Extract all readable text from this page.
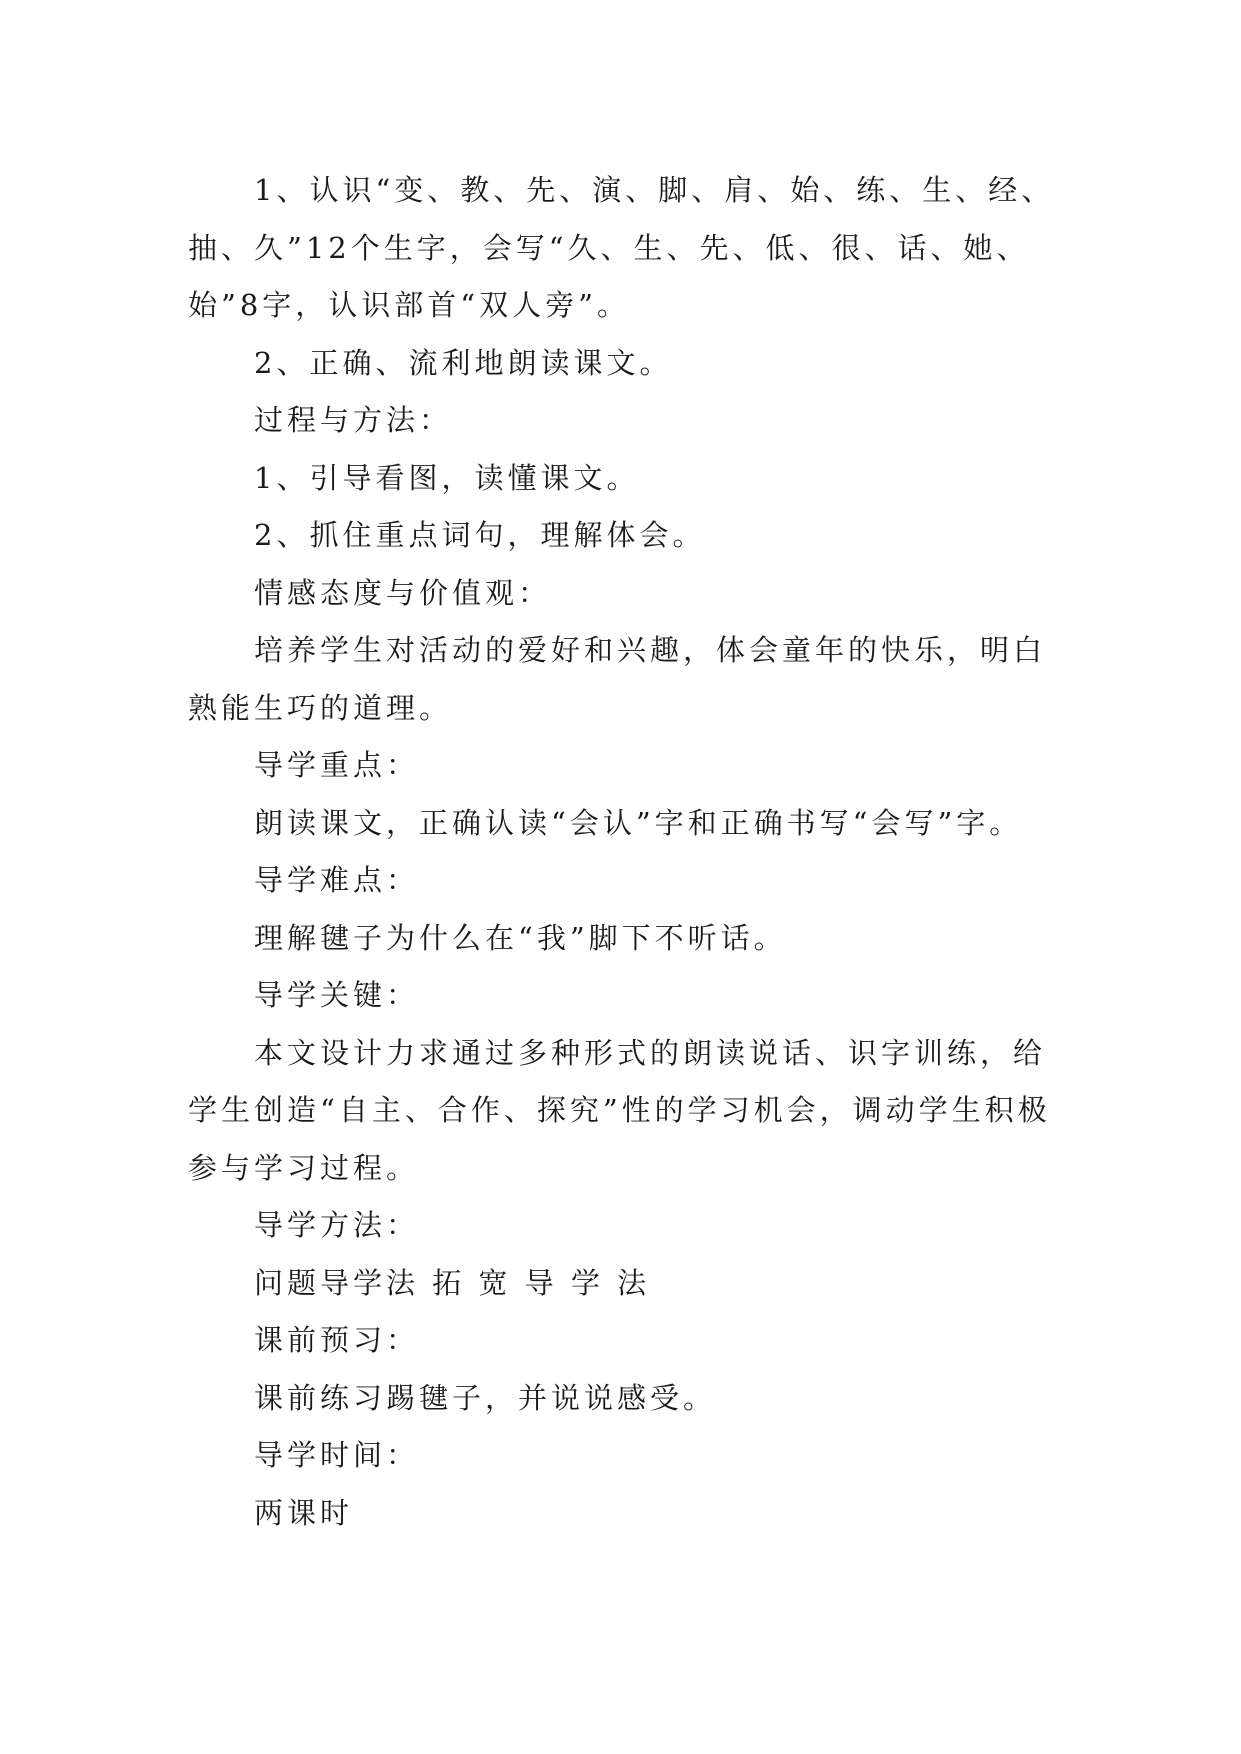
1、认识“变、教、先、演、脚、肩、始、练、生、经、抽、久”12个生字，会写“久、生、先、低、很、话、她、始”8字，认识部首“双人旁”。

2、正确、流利地朗读课文。

过程与方法：

1、引导看图，读懂课文。

2、抓住重点词句，理解体会。

情感态度与价值观：

培养学生对活动的爱好和兴趣，体会童年的快乐，明白熟能生巧的道理。

导学重点：

朗读课文，正确认读“会认”字和正确书写“会写”字。

导学难点：

理解毽子为什么在“我”脚下不听话。

导学关键：

本文设计力求通过多种形式的朗读说话、识字训练，给学生创造“自主、合作、探究”性的学习机会，调动学生积极参与学习过程。

导学方法：

问题导学法 拓 宽 导 学 法

课前预习：

课前练习踢毽子，并说说感受。

导学时间：

两课时
